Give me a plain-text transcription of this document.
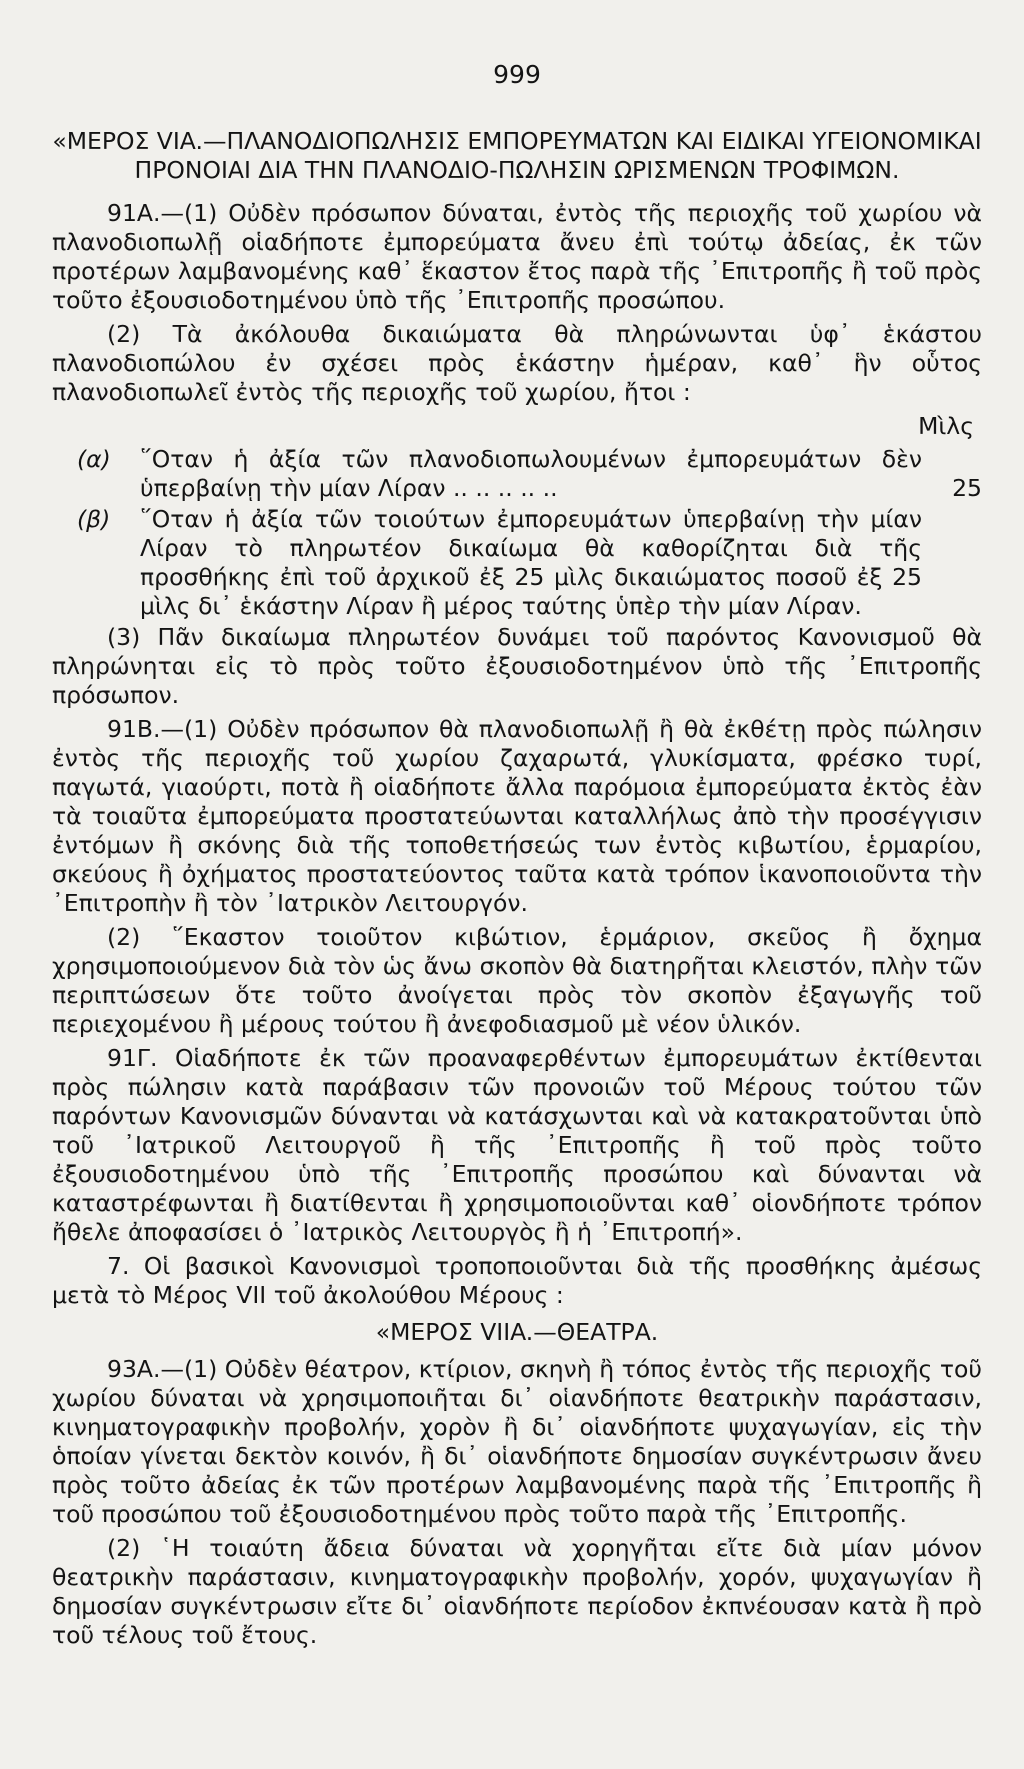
999
«ΜΕΡΟΣ VIA.—ΠΛΑΝΟΔΙΟΠΩΛΗΣΙΣ ΕΜΠΟΡΕΥΜΑΤΩΝ ΚΑΙ ΕΙΔΙΚΑΙ ΥΓΕΙΟΝΟΜΙΚΑΙ ΠΡΟΝΟΙΑΙ ΔΙΑ ΤΗΝ ΠΛΑΝΟΔΙΟ-ΠΩΛΗΣΙΝ ΩΡΙΣΜΕΝΩΝ ΤΡΟΦΙΜΩΝ.

91Α.—(1) Οὐδὲν πρόσωπον δύναται, ἐντὸς τῆς περιοχῆς τοῦ χωρίου νὰ πλανοδιοπωλῇ οἱαδήποτε ἐμπορεύματα ἄνευ ἐπὶ τούτῳ ἀδείας, ἐκ τῶν προτέρων λαμβανομένης καθ᾽ ἕκαστον ἔτος παρὰ τῆς ᾽Επιτροπῆς ἢ τοῦ πρὸς τοῦτο ἐξουσιοδοτημένου ὑπὸ τῆς ᾽Επιτροπῆς προσώπου.

(2) Τὰ ἀκόλουθα δικαιώματα θὰ πληρώνωνται ὑφ᾽ ἑκάστου πλανοδιοπώλου ἐν σχέσει πρὸς ἑκάστην ἡμέραν, καθ᾽ ἣν οὗτος πλανοδιοπωλεῖ ἐντὸς τῆς περιοχῆς τοῦ χωρίου, ἤτοι :

Μὶλς
(α) ῞Οταν ἡ ἀξία τῶν πλανοδιοπωλουμένων ἐμπορευμάτων δὲν ὑπερβαίνῃ τὴν μίαν Λίραν .. .. .. .. ..	25
(β) ῞Οταν ἡ ἀξία τῶν τοιούτων ἐμπορευμάτων ὑπερβαίνῃ τὴν μίαν Λίραν τὸ πληρωτέον δικαίωμα θὰ καθορίζηται διὰ τῆς προσθήκης ἐπὶ τοῦ ἀρχικοῦ ἐξ 25 μὶλς δικαιώματος ποσοῦ ἐξ 25 μὶλς δι᾽ ἑκάστην Λίραν ἢ μέρος ταύτης ὑπὲρ τὴν μίαν Λίραν.

(3) Πᾶν δικαίωμα πληρωτέον δυνάμει τοῦ παρόντος Κανονισμοῦ θὰ πληρώνηται εἰς τὸ πρὸς τοῦτο ἐξουσιοδοτημένον ὑπὸ τῆς ᾽Επιτροπῆς πρόσωπον.

91Β.—(1) Οὐδὲν πρόσωπον θὰ πλανοδιοπωλῇ ἢ θὰ ἐκθέτῃ πρὸς πώλησιν ἐντὸς τῆς περιοχῆς τοῦ χωρίου ζαχαρωτά, γλυκίσματα, φρέσκο τυρί, παγωτά, γιαούρτι, ποτὰ ἢ οἱαδήποτε ἄλλα παρόμοια ἐμπορεύματα ἐκτὸς ἐὰν τὰ τοιαῦτα ἐμπορεύματα προστατεύωνται καταλλήλως ἀπὸ τὴν προσέγγισιν ἐντόμων ἢ σκόνης διὰ τῆς τοποθετήσεώς των ἐντὸς κιβωτίου, ἑρμαρίου, σκεύους ἢ ὀχήματος προστατεύοντος ταῦτα κατὰ τρόπον ἱκανοποιοῦντα τὴν ᾽Επιτροπὴν ἢ τὸν ᾽Ιατρικὸν Λειτουργόν.

(2) ῞Εκαστον τοιοῦτον κιβώτιον, ἑρμάριον, σκεῦος ἢ ὄχημα χρησιμοποιούμενον διὰ τὸν ὡς ἄνω σκοπὸν θὰ διατηρῆται κλειστόν, πλὴν τῶν περιπτώσεων ὅτε τοῦτο ἀνοίγεται πρὸς τὸν σκοπὸν ἐξαγωγῆς τοῦ περιεχομένου ἢ μέρους τούτου ἢ ἀνεφοδιασμοῦ μὲ νέον ὑλικόν.

91Γ. Οἱαδήποτε ἐκ τῶν προαναφερθέντων ἐμπορευμάτων ἐκτίθενται πρὸς πώλησιν κατὰ παράβασιν τῶν προνοιῶν τοῦ Μέρους τούτου τῶν παρόντων Κανονισμῶν δύνανται νὰ κατάσχωνται καὶ νὰ κατακρατοῦνται ὑπὸ τοῦ ᾽Ιατρικοῦ Λειτουργοῦ ἢ τῆς ᾽Επιτροπῆς ἢ τοῦ πρὸς τοῦτο ἐξουσιοδοτημένου ὑπὸ τῆς ᾽Επιτροπῆς προσώπου καὶ δύνανται νὰ καταστρέφωνται ἢ διατίθενται ἢ χρησιμοποιοῦνται καθ᾽ οἱονδήποτε τρόπον ἤθελε ἀποφασίσει ὁ ᾽Ιατρικὸς Λειτουργὸς ἢ ἡ ᾽Επιτροπή».

7. Οἱ βασικοὶ Κανονισμοὶ τροποποιοῦνται διὰ τῆς προσθήκης ἀμέσως μετὰ τὸ Μέρος VII τοῦ ἀκολούθου Μέρους :

«ΜΕΡΟΣ VIIA.—ΘΕΑΤΡΑ.

93Α.—(1) Οὐδὲν θέατρον, κτίριον, σκηνὴ ἢ τόπος ἐντὸς τῆς περιοχῆς τοῦ χωρίου δύναται νὰ χρησιμοποιῆται δι᾽ οἱανδήποτε θεατρικὴν παράστασιν, κινηματογραφικὴν προβολήν, χορὸν ἢ δι᾽ οἱανδήποτε ψυχαγωγίαν, εἰς τὴν ὁποίαν γίνεται δεκτὸν κοινόν, ἢ δι᾽ οἱανδήποτε δημοσίαν συγκέντρωσιν ἄνευ πρὸς τοῦτο ἀδείας ἐκ τῶν προτέρων λαμβανομένης παρὰ τῆς ᾽Επιτροπῆς ἢ τοῦ προσώπου τοῦ ἐξουσιοδοτημένου πρὸς τοῦτο παρὰ τῆς ᾽Επιτροπῆς.

(2) ῾Η τοιαύτη ἄδεια δύναται νὰ χορηγῆται εἴτε διὰ μίαν μόνον θεατρικὴν παράστασιν, κινηματογραφικὴν προβολήν, χορόν, ψυχαγωγίαν ἢ δημοσίαν συγκέντρωσιν εἴτε δι᾽ οἱανδήποτε περίοδον ἐκπνέουσαν κατὰ ἢ πρὸ τοῦ τέλους τοῦ ἔτους.
